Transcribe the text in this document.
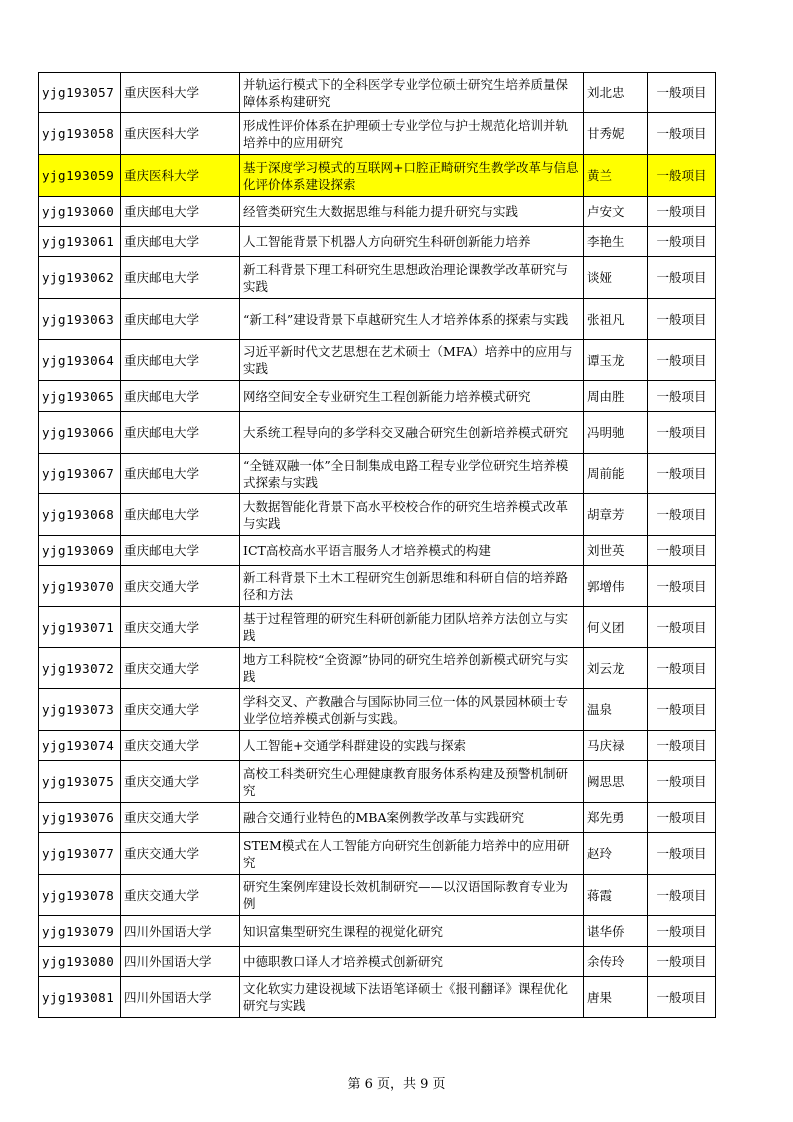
yjg193057	重庆医科大学	并轨运行模式下的全科医学专业学位硕士研究生培养质量保障体系构建研究	刘北忠	一般项目
yjg193058	重庆医科大学	形成性评价体系在护理硕士专业学位与护士规范化培训并轨培养中的应用研究	甘秀妮	一般项目
yjg193059	重庆医科大学	基于深度学习模式的互联网+口腔正畸研究生教学改革与信息化评价体系建设探索	黄兰	一般项目
yjg193060	重庆邮电大学	经管类研究生大数据思维与科能力提升研究与实践	卢安文	一般项目
yjg193061	重庆邮电大学	人工智能背景下机器人方向研究生科研创新能力培养	李艳生	一般项目
yjg193062	重庆邮电大学	新工科背景下理工科研究生思想政治理论课教学改革研究与实践	谈娅	一般项目
yjg193063	重庆邮电大学	“新工科”建设背景下卓越研究生人才培养体系的探索与实践	张祖凡	一般项目
yjg193064	重庆邮电大学	习近平新时代文艺思想在艺术硕士（MFA）培养中的应用与实践	谭玉龙	一般项目
yjg193065	重庆邮电大学	网络空间安全专业研究生工程创新能力培养模式研究	周由胜	一般项目
yjg193066	重庆邮电大学	大系统工程导向的多学科交叉融合研究生创新培养模式研究	冯明驰	一般项目
yjg193067	重庆邮电大学	“全链双融一体”全日制集成电路工程专业学位研究生培养模式探索与实践	周前能	一般项目
yjg193068	重庆邮电大学	大数据智能化背景下高水平校校合作的研究生培养模式改革与实践	胡章芳	一般项目
yjg193069	重庆邮电大学	ICT高校高水平语言服务人才培养模式的构建	刘世英	一般项目
yjg193070	重庆交通大学	新工科背景下土木工程研究生创新思维和科研自信的培养路径和方法	郭增伟	一般项目
yjg193071	重庆交通大学	基于过程管理的研究生科研创新能力团队培养方法创立与实践	何义团	一般项目
yjg193072	重庆交通大学	地方工科院校“全资源”协同的研究生培养创新模式研究与实践	刘云龙	一般项目
yjg193073	重庆交通大学	学科交叉、产教融合与国际协同三位一体的风景园林硕士专业学位培养模式创新与实践。	温泉	一般项目
yjg193074	重庆交通大学	人工智能+交通学科群建设的实践与探索	马庆禄	一般项目
yjg193075	重庆交通大学	高校工科类研究生心理健康教育服务体系构建及预警机制研究	阙思思	一般项目
yjg193076	重庆交通大学	融合交通行业特色的MBA案例教学改革与实践研究	郑先勇	一般项目
yjg193077	重庆交通大学	STEM模式在人工智能方向研究生创新能力培养中的应用研究	赵玲	一般项目
yjg193078	重庆交通大学	研究生案例库建设长效机制研究——以汉语国际教育专业为例	蒋霞	一般项目
yjg193079	四川外国语大学	知识富集型研究生课程的视觉化研究	谌华侨	一般项目
yjg193080	四川外国语大学	中德职教口译人才培养模式创新研究	余传玲	一般项目
yjg193081	四川外国语大学	文化软实力建设视域下法语笔译硕士《报刊翻译》课程优化研究与实践	唐果	一般项目
第 6 页，共 9 页
